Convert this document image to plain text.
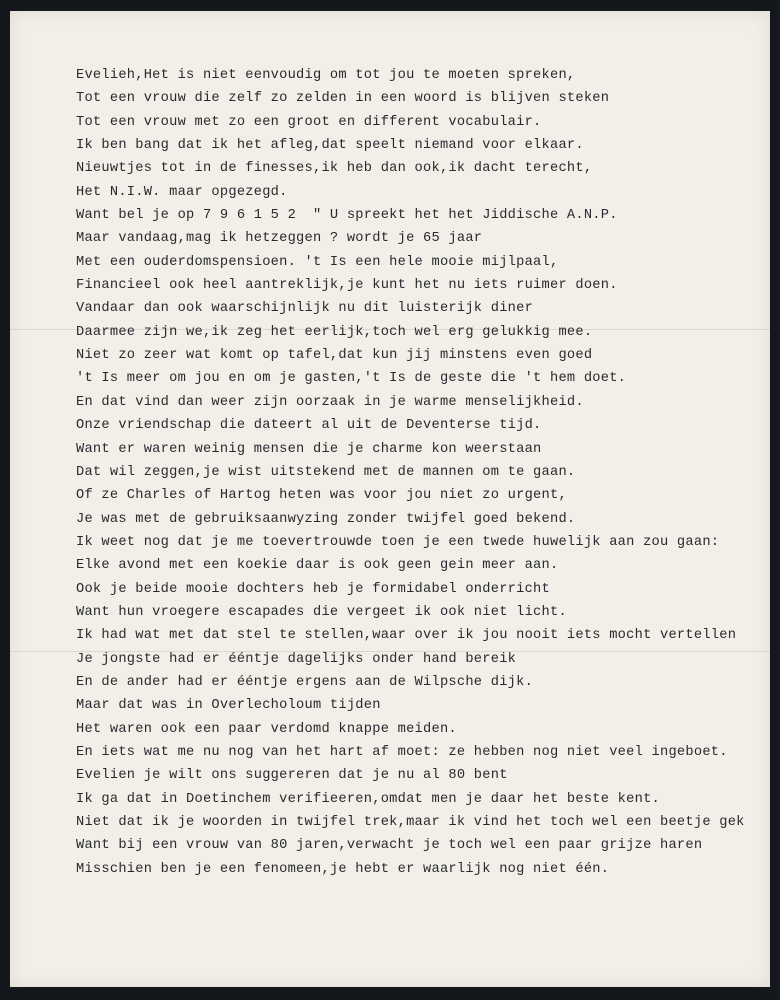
Evelieh,Het is niet eenvoudig om tot jou te moeten spreken,
Tot een vrouw die zelf zo zelden in een woord is blijven steken
Tot een vrouw met zo een groot en different vocabulair.
Ik ben bang dat ik het afleg,dat speelt niemand voor elkaar.
Nieuwtjes tot in de finesses,ik heb dan ook,ik dacht terecht,
Het N.I.W. maar opgezegd.
Want bel je op 7 9 6 1 5 2  " U spreekt het het Jiddische A.N.P.
Maar vandaag,mag ik hetzeggen ? wordt je 65 jaar
Met een ouderdomspensioen. 't Is een hele mooie mijlpaal,
Financieel ook heel aantreklijk,je kunt het nu iets ruimer doen.
Vandaar dan ook waarschijnlijk nu dit luisterijk diner
Daarmee zijn we,ik zeg het eerlijk,toch wel erg gelukkig mee.
Niet zo zeer wat komt op tafel,dat kun jij minstens even goed
't Is meer om jou en om je gasten,'t Is de geste die 't hem doet.
En dat vind dan weer zijn oorzaak in je warme menselijkheid.
Onze vriendschap die dateert al uit de Deventerse tijd.
Want er waren weinig mensen die je charme kon weerstaan
Dat wil zeggen,je wist uitstekend met de mannen om te gaan.
Of ze Charles of Hartog heten was voor jou niet zo urgent,
Je was met de gebruiksaanwyzing zonder twijfel goed bekend.
Ik weet nog dat je me toevertrouwde toen je een twede huwelijk aan zou gaan:
Elke avond met een koekie daar is ook geen gein meer aan.
Ook je beide mooie dochters heb je formidabel onderricht
Want hun vroegere escapades die vergeet ik ook niet licht.
Ik had wat met dat stel te stellen,waar over ik jou nooit iets mocht vertellen
Je jongste had er ééntje dagelijks onder hand bereik
En de ander had er ééntje ergens aan de Wilpsche dijk.
Maar dat was in Overlecholoum tijden
Het waren ook een paar verdomd knappe meiden.
En iets wat me nu nog van het hart af moet: ze hebben nog niet veel ingeboet.
Evelien je wilt ons suggereren dat je nu al 80 bent
Ik ga dat in Doetinchem verifieeren,omdat men je daar het beste kent.
Niet dat ik je woorden in twijfel trek,maar ik vind het toch wel een beetje gek
Want bij een vrouw van 80 jaren,verwacht je toch wel een paar grijze haren
Misschien ben je een fenomeen,je hebt er waarlijk nog niet één.
